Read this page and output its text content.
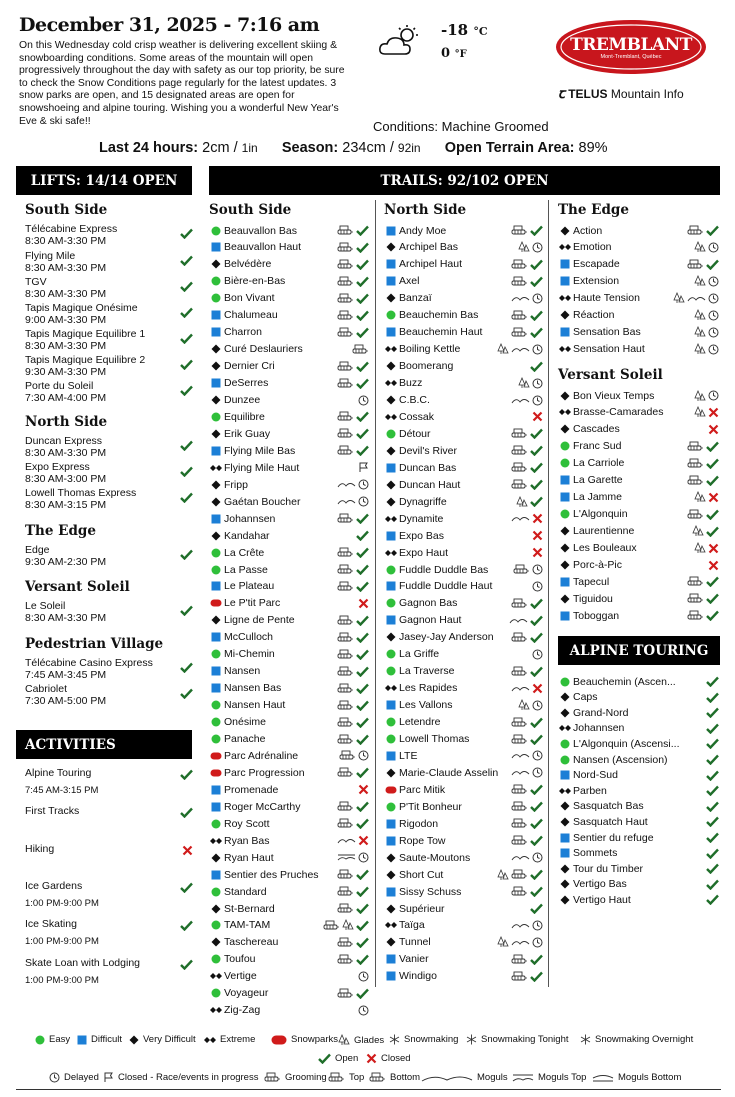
December 31, 2025 - 7:16 am
On this Wednesday cold crisp weather is delivering excellent skiing & snowboarding conditions. Some areas of the mountain will open progressively throughout the day with safety as our top priority, be sure to check the Snow Conditions page regularly for the latest updates. 3 snow parks are open, and 15 designated areas are open for snowshoeing and alpine touring. Wishing you a wonderful New Year's Eve & ski safe!!
-18 °C
0 °F	TREMBLANT
Mont-Tremblant, Québec
ꞇ TELUS Mountain Info
Conditions: Machine Groomed
Last 24 hours: 2cm / 1in Season: 234cm / 92in Open Terrain Area: 89%
LIFTS: 14/14 OPEN	TRAILS: 92/102 OPEN
ACTIVITIES
ALPINE TOURING
South Side
Télécabine Express
8:30 AM-3:30 PM
Flying Mile
8:30 AM-3:30 PM
TGV
8:30 AM-3:30 PM
Tapis Magique Onésime
9:00 AM-3:30 PM
Tapis Magique Equilibre 1
8:30 AM-3:30 PM
Tapis Magique Equilibre 2
9:30 AM-3:30 PM
Porte du Soleil
7:30 AM-4:00 PM
North Side
Duncan Express
8:30 AM-3:30 PM
Expo Express
8:30 AM-3:00 PM
Lowell Thomas Express
8:30 AM-3:15 PM
The Edge
Edge
9:30 AM-2:30 PM
Versant Soleil
Le Soleil
8:30 AM-3:30 PM
Pedestrian Village
Télécabine Casino Express
7:45 AM-3:45 PM
Cabriolet
7:30 AM-5:00 PM
Alpine Touring
7:45 AM-3:15 PM
First Tracks
Hiking
Ice Gardens
1:00 PM-9:00 PM
Ice Skating
1:00 PM-9:00 PM
Skate Loan with Lodging
1:00 PM-9:00 PM
South Side
Beauvallon Bas
Beauvallon Haut
Belvédère
Bière-en-Bas
Bon Vivant
Chalumeau
Charron
Curé Deslauriers
Dernier Cri
DeSerres
Dunzee
Equilibre
Erik Guay
Flying Mile Bas
Flying Mile Haut
Fripp
Gaétan Boucher
Johannsen
Kandahar
La Crête
La Passe
Le Plateau
Le P'tit Parc
Ligne de Pente
McCulloch
Mi-Chemin
Nansen
Nansen Bas
Nansen Haut
Onésime
Panache
Parc Adrénaline
Parc Progression
Promenade
Roger McCarthy
Roy Scott
Ryan Bas
Ryan Haut
Sentier des Pruches
Standard
St-Bernard
TAM-TAM
Taschereau
Toufou
Vertige
Voyageur
Zig-Zag
North Side
Andy Moe
Archipel Bas
Archipel Haut
Axel
Banzaï
Beauchemin Bas
Beauchemin Haut
Boiling Kettle
Boomerang
Buzz
C.B.C.
Cossak
Détour
Devil's River
Duncan Bas
Duncan Haut
Dynagriffe
Dynamite
Expo Bas
Expo Haut
Fuddle Duddle Bas
Fuddle Duddle Haut
Gagnon Bas
Gagnon Haut
Jasey-Jay Anderson
La Griffe
La Traverse
Les Rapides
Les Vallons
Letendre
Lowell Thomas
LTE
Marie-Claude Asselin
Parc Mitik
P'Tit Bonheur
Rigodon
Rope Tow
Saute-Moutons
Short Cut
Sissy Schuss
Supérieur
Taïga
Tunnel
Vanier
Windigo
The Edge
Action
Emotion
Escapade
Extension
Haute Tension
Réaction
Sensation Bas
Sensation Haut
Versant Soleil
Bon Vieux Temps
Brasse-Camarades
Cascades
Franc Sud
La Carriole
La Garette
La Jamme
L'Algonquin
Laurentienne
Les Bouleaux
Porc-à-Pic
Tapecul
Tiguidou
Toboggan
Beauchemin (Ascen...
Caps
Grand-Nord
Johannsen
L'Algonquin (Ascensi...
Nansen (Ascension)
Nord-Sud
Parben
Sasquatch Bas
Sasquatch Haut
Sentier du refuge
Sommets
Tour du Timber
Vertigo Bas
Vertigo Haut
Easy Difficult Very Difficult	Extreme	Snowparks Glades Snowmaking Snowmaking Tonight	Snowmaking Overnight
Open Closed
Delayed Closed - Race/events in progress	Grooming Top	Bottom	Moguls	Moguls Top	Moguls Bottom
